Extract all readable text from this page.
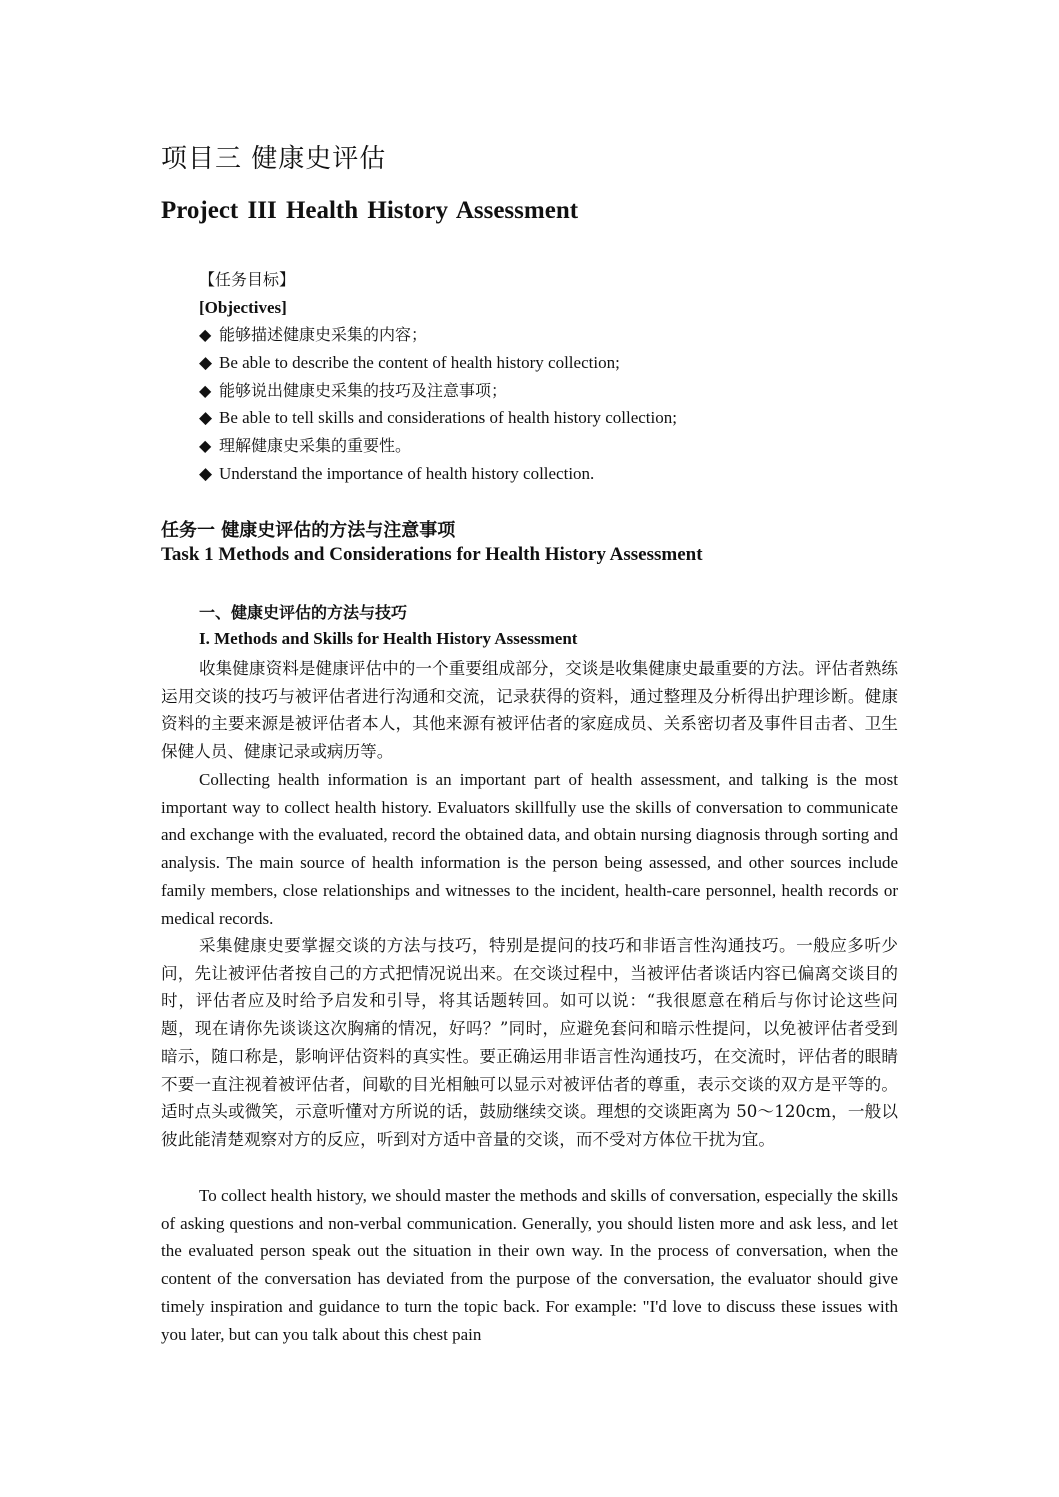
项目三 健康史评估
Project III Health History Assessment
【任务目标】
[Objectives]
◆ 能够描述健康史采集的内容；
◆ Be able to describe the content of health history collection;
◆ 能够说出健康史采集的技巧及注意事项；
◆ Be able to tell skills and considerations of health history collection;
◆ 理解健康史采集的重要性。
◆ Understand the importance of health history collection.
任务一 健康史评估的方法与注意事项
Task 1 Methods and Considerations for Health History Assessment
一、健康史评估的方法与技巧
I. Methods and Skills for Health History Assessment

收集健康资料是健康评估中的一个重要组成部分，交谈是收集健康史最重要的方法。评估者熟练运用交谈的技巧与被评估者进行沟通和交流，记录获得的资料，通过整理及分析得出护理诊断。健康资料的主要来源是被评估者本人，其他来源有被评估者的家庭成员、关系密切者及事件目击者、卫生保健人员、健康记录或病历等。

Collecting health information is an important part of health assessment, and talking is the most important way to collect health history. Evaluators skillfully use the skills of conversation to communicate and exchange with the evaluated, record the obtained data, and obtain nursing diagnosis through sorting and analysis. The main source of health information is the person being assessed, and other sources include family members, close relationships and witnesses to the incident, health-care personnel, health records or medical records.

采集健康史要掌握交谈的方法与技巧，特别是提问的技巧和非语言性沟通技巧。一般应多听少问，先让被评估者按自己的方式把情况说出来。在交谈过程中，当被评估者谈话内容已偏离交谈目的时，评估者应及时给予启发和引导，将其话题转回。如可以说：“我很愿意在稍后与你讨论这些问题，现在请你先谈谈这次胸痛的情况，好吗？”同时，应避免套问和暗示性提问，以免被评估者受到暗示，随口称是，影响评估资料的真实性。要正确运用非语言性沟通技巧，在交流时，评估者的眼睛不要一直注视着被评估者，间歇的目光相触可以显示对被评估者的尊重，表示交谈的双方是平等的。适时点头或微笑，示意听懂对方所说的话，鼓励继续交谈。理想的交谈距离为 50～120cm，一般以彼此能清楚观察对方的反应，听到对方适中音量的交谈，而不受对方体位干扰为宜。

To collect health history, we should master the methods and skills of conversation, especially the skills of asking questions and non-verbal communication. Generally, you should listen more and ask less, and let the evaluated person speak out the situation in their own way. In the process of conversation, when the content of the conversation has deviated from the purpose of the conversation, the evaluator should give timely inspiration and guidance to turn the topic back. For example: "I'd love to discuss these issues with you later, but can you talk about this chest pain
